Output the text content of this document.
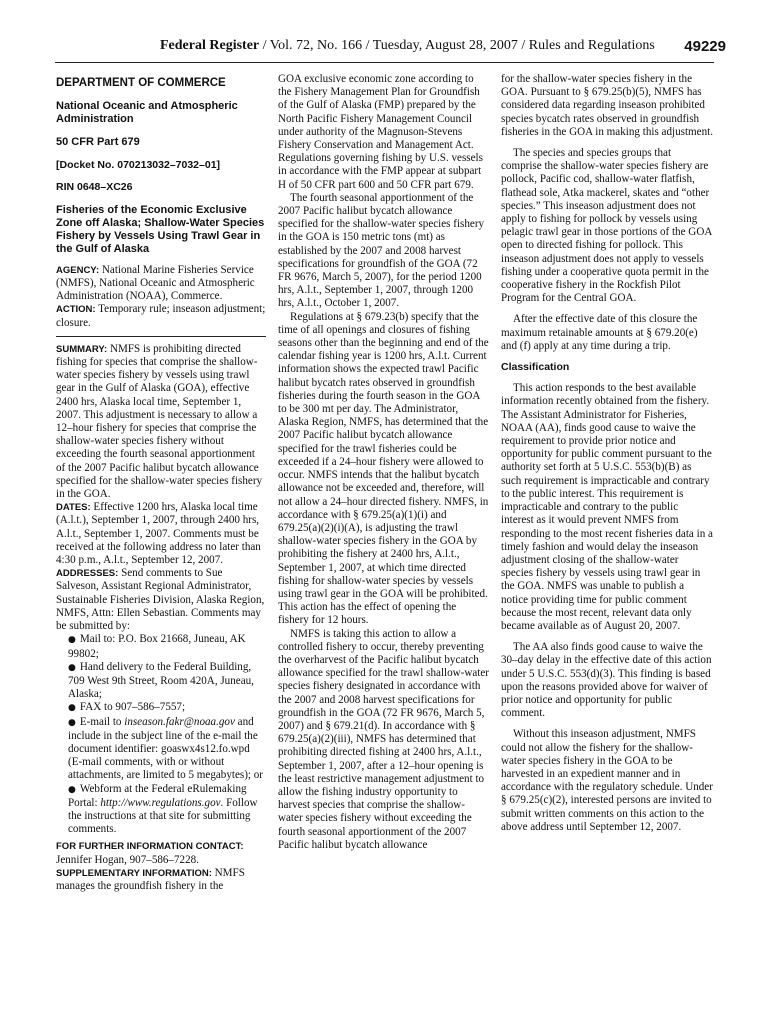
Federal Register / Vol. 72, No. 166 / Tuesday, August 28, 2007 / Rules and Regulations 49229
DEPARTMENT OF COMMERCE
National Oceanic and Atmospheric Administration
50 CFR Part 679
[Docket No. 070213032–7032–01]
RIN 0648–XC26
Fisheries of the Economic Exclusive Zone off Alaska; Shallow-Water Species Fishery by Vessels Using Trawl Gear in the Gulf of Alaska

AGENCY: National Marine Fisheries Service (NMFS), National Oceanic and Atmospheric Administration (NOAA), Commerce.

ACTION: Temporary rule; inseason adjustment; closure.

SUMMARY: NMFS is prohibiting directed fishing for species that comprise the shallow-water species fishery by vessels using trawl gear in the Gulf of Alaska (GOA), effective 2400 hrs, Alaska local time, September 1, 2007. This adjustment is necessary to allow a 12–hour fishery for species that comprise the shallow-water species fishery without exceeding the fourth seasonal apportionment of the 2007 Pacific halibut bycatch allowance specified for the shallow-water species fishery in the GOA.

DATES: Effective 1200 hrs, Alaska local time (A.l.t.), September 1, 2007, through 2400 hrs, A.l.t., September 1, 2007. Comments must be received at the following address no later than 4:30 p.m., A.l.t., September 12, 2007.

ADDRESSES: Send comments to Sue Salveson, Assistant Regional Administrator, Sustainable Fisheries Division, Alaska Region, NMFS, Attn: Ellen Sebastian. Comments may be submitted by:

● Mail to: P.O. Box 21668, Juneau, AK 99802;

● Hand delivery to the Federal Building, 709 West 9th Street, Room 420A, Juneau, Alaska;

● FAX to 907–586–7557;

● E-mail to inseason.fakr@noaa.gov and include in the subject line of the e-mail the document identifier: goaswx4s12.fo.wpd (E-mail comments, with or without attachments, are limited to 5 megabytes); or

● Webform at the Federal eRulemaking Portal: http://www.regulations.gov. Follow the instructions at that site for submitting comments.

FOR FURTHER INFORMATION CONTACT:

Jennifer Hogan, 907–586–7228.

SUPPLEMENTARY INFORMATION: NMFS manages the groundfish fishery in the

GOA exclusive economic zone according to the Fishery Management Plan for Groundfish of the Gulf of Alaska (FMP) prepared by the North Pacific Fishery Management Council under authority of the Magnuson-Stevens Fishery Conservation and Management Act. Regulations governing fishing by U.S. vessels in accordance with the FMP appear at subpart H of 50 CFR part 600 and 50 CFR part 679.

The fourth seasonal apportionment of the 2007 Pacific halibut bycatch allowance specified for the shallow-water species fishery in the GOA is 150 metric tons (mt) as established by the 2007 and 2008 harvest specifications for groundfish of the GOA (72 FR 9676, March 5, 2007), for the period 1200 hrs, A.l.t., September 1, 2007, through 1200 hrs, A.l.t., October 1, 2007.

Regulations at § 679.23(b) specify that the time of all openings and closures of fishing seasons other than the beginning and end of the calendar fishing year is 1200 hrs, A.l.t. Current information shows the expected trawl Pacific halibut bycatch rates observed in groundfish fisheries during the fourth season in the GOA to be 300 mt per day. The Administrator, Alaska Region, NMFS, has determined that the 2007 Pacific halibut bycatch allowance specified for the trawl fisheries could be exceeded if a 24–hour fishery were allowed to occur. NMFS intends that the halibut bycatch allowance not be exceeded and, therefore, will not allow a 24–hour directed fishery. NMFS, in accordance with § 679.25(a)(1)(i) and 679.25(a)(2)(i)(A), is adjusting the trawl shallow-water species fishery in the GOA by prohibiting the fishery at 2400 hrs, A.l.t., September 1, 2007, at which time directed fishing for shallow-water species by vessels using trawl gear in the GOA will be prohibited. This action has the effect of opening the fishery for 12 hours.

NMFS is taking this action to allow a controlled fishery to occur, thereby preventing the overharvest of the Pacific halibut bycatch allowance specified for the trawl shallow-water species fishery designated in accordance with the 2007 and 2008 harvest specifications for groundfish in the GOA (72 FR 9676, March 5, 2007) and § 679.21(d). In accordance with § 679.25(a)(2)(iii), NMFS has determined that prohibiting directed fishing at 2400 hrs, A.l.t., September 1, 2007, after a 12–hour opening is the least restrictive management adjustment to allow the fishing industry opportunity to harvest species that comprise the shallow-water species fishery without exceeding the fourth seasonal apportionment of the 2007 Pacific halibut bycatch allowance

for the shallow-water species fishery in the GOA. Pursuant to § 679.25(b)(5), NMFS has considered data regarding inseason prohibited species bycatch rates observed in groundfish fisheries in the GOA in making this adjustment.

The species and species groups that comprise the shallow-water species fishery are pollock, Pacific cod, shallow-water flatfish, flathead sole, Atka mackerel, skates and “other species.” This inseason adjustment does not apply to fishing for pollock by vessels using pelagic trawl gear in those portions of the GOA open to directed fishing for pollock. This inseason adjustment does not apply to vessels fishing under a cooperative quota permit in the cooperative fishery in the Rockfish Pilot Program for the Central GOA.

After the effective date of this closure the maximum retainable amounts at § 679.20(e) and (f) apply at any time during a trip.

Classification

This action responds to the best available information recently obtained from the fishery. The Assistant Administrator for Fisheries, NOAA (AA), finds good cause to waive the requirement to provide prior notice and opportunity for public comment pursuant to the authority set forth at 5 U.S.C. 553(b)(B) as such requirement is impracticable and contrary to the public interest. This requirement is impracticable and contrary to the public interest as it would prevent NMFS from responding to the most recent fisheries data in a timely fashion and would delay the inseason adjustment closing of the shallow-water species fishery by vessels using trawl gear in the GOA. NMFS was unable to publish a notice providing time for public comment because the most recent, relevant data only became available as of August 20, 2007.

The AA also finds good cause to waive the 30–day delay in the effective date of this action under 5 U.S.C. 553(d)(3). This finding is based upon the reasons provided above for waiver of prior notice and opportunity for public comment.

Without this inseason adjustment, NMFS could not allow the fishery for the shallow-water species fishery in the GOA to be harvested in an expedient manner and in accordance with the regulatory schedule. Under § 679.25(c)(2), interested persons are invited to submit written comments on this action to the above address until September 12, 2007.
